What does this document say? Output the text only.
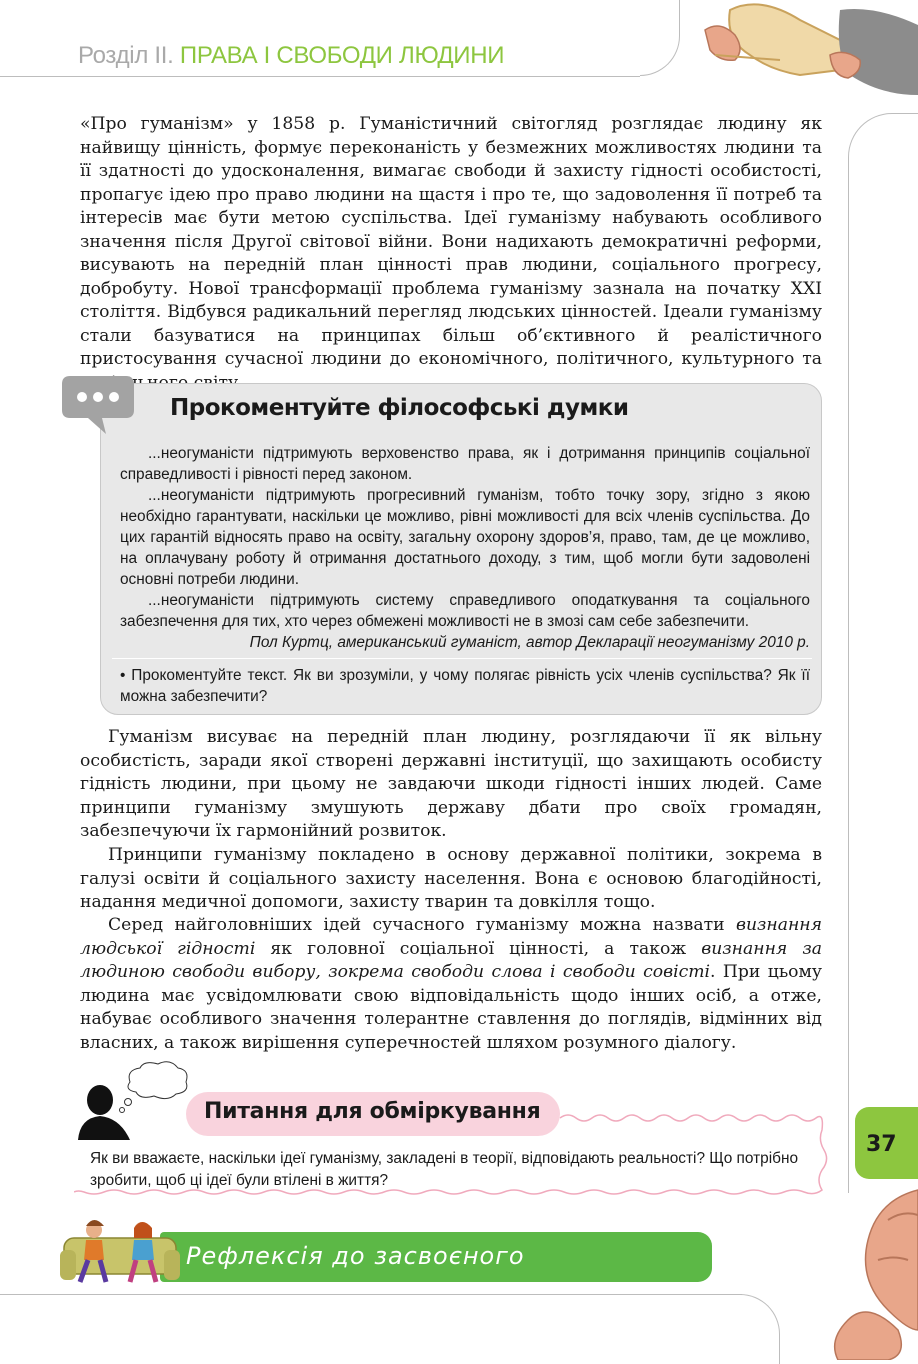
Розділ ІІ. ПРАВА І СВОБОДИ ЛЮДИНИ

«Про гуманізм» у 1858 р. Гуманістичний світогляд розглядає людину як найвищу цінність, формує переконаність у безмежних можливостях людини та її здатності до удосконалення, вимагає свободи й захисту гідності особистості, пропагує ідею про право людини на щастя і про те, що задоволення її потреб та інтересів має бути метою суспільства. Ідеї гуманізму набувають особливого значення після Другої світової війни. Вони надихають демократичні реформи, висувають на передній план цінності прав людини, соціального прогресу, добробуту. Нової трансформації проблема гуманізму зазнала на початку XXI століття. Відбувся радикальний перегляд людських цінностей. Ідеали гуманізму стали базуватися на принципах більш об’єктивного й реалістичного пристосування сучасної людини до економічного, політичного, культурного та

Прокоментуйте філософські думки

...неогуманісти підтримують верховенство права, як і дотримання принципів соціальної справедливості і рівності перед законом.

...неогуманісти підтримують прогресивний гуманізм, тобто точку зору, згідно з якою необхідно гарантувати, наскільки це можливо, рівні можливості для всіх членів суспільства. До цих гарантій відносять право на освіту, загальну охорону здоров’я, право, там, де це можливо, на оплачувану роботу й отримання достатнього доходу, з тим, щоб могли бути задоволені основні потреби людини.

...неогуманісти підтримують систему справедливого оподаткування та соціального забезпечення для тих, хто через обмежені можливості не в змозі сам себе забезпечити.

Пол Куртц, американський гуманіст, автор Декларації неогуманізму 2010 р.

• Прокоментуйте текст. Як ви зрозуміли, у чому полягає рівність усіх членів суспільства? Як її можна забезпечити?

Гуманізм висуває на передній план людину, розглядаючи її як вільну особистість, заради якої створені державні інституції, що захищають особисту гідність людини, при цьому не завдаючи шкоди гідності інших людей. Саме принципи гуманізму змушують державу дбати про своїх громадян, забезпечуючи їх гармонійний розвиток.

Принципи гуманізму покладено в основу державної політики, зокрема в галузі освіти й соціального захисту населення. Вона є основою благодійності, надання медичної допомоги, захисту тварин та довкілля тощо.

Серед найголовніших ідей сучасного гуманізму можна назвати визнання людської гідності як головної соціальної цінності, а також визнання за людиною свободи вибору, зокрема свободи слова і свободи совісті. При цьому людина має усвідомлювати свою відповідальність щодо інших осіб, а отже, набуває особливого значення толерантне ставлення до поглядів, відмінних від власних, а також вирішення суперечностей шляхом розумного діалогу.

Питання для обміркування

Як ви вважаєте, наскільки ідеї гуманізму, закладені в теорії, відповідають реальності? Що потрібно зробити, щоб ці ідеї були втілені в життя?

37
Рефлексія до засвоєного
